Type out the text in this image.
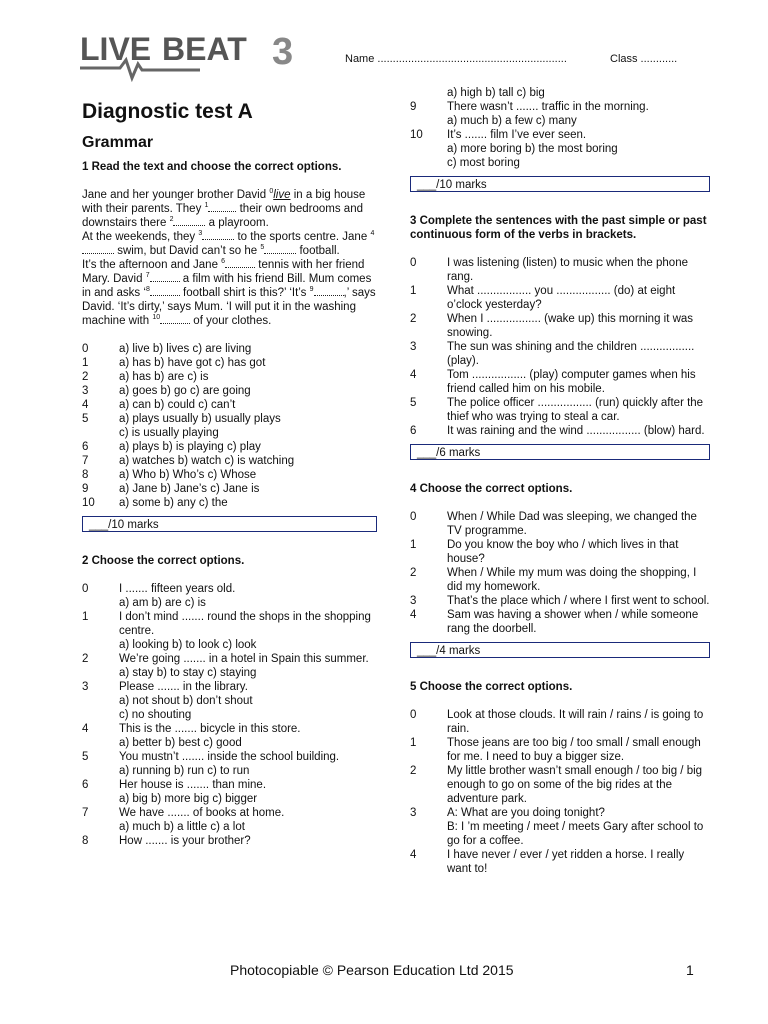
LIVE BEAT 3	Name ..............................................................	Class ............
Diagnostic test A
Grammar

1 Read the text and choose the correct options.

Jane and her younger brother David $^0$live in a big house with their parents. They $^1$ their own bedrooms and downstairs there $^2$	a playroom.
At the weekends, they $^3$	to the sports centre. Jane $^4$ swim, but David can’t so he $^5$	football.
It’s the afternoon and Jane $^6$	tennis with her friend Mary. David $^7$	a film with his friend Bill. Mum comes in and asks ‘$^8$	football shirt is this?’ ‘It’s $^9$	,’ says David. ‘It’s dirty,’ says Mum. ‘I will put it in the washing machine with $^{10}$	of your clothes.

0	a) live b) lives c) are living
1	a) has b) have got c) has got
2	a) has b) are c) is
3	a) goes b) go c) are going
4	a) can b) could c) can’t
5	a) plays usually b) usually plays
c) is usually playing
6	a) plays b) is playing c) play
7	a) watches b) watch c) is watching
8	a) Who b) Who’s c) Whose
9	a) Jane b) Jane’s c) Jane is
10	a) some b) any c) the
___/10 marks

2 Choose the correct options.

0	I ....... fifteen years old.
a) am b) are c) is
1	I don’t mind ....... round the shops in the shopping centre.
a) looking b) to look c) look
2	We’re going ....... in a hotel in Spain this summer.
a) stay b) to stay c) staying
3	Please ....... in the library.
a) not shout b) don’t shout
c) no shouting
4	This is the ....... bicycle in this store.
a) better b) best c) good
5	You mustn’t ....... inside the school building.
a) running b) run c) to run
6	Her house is ....... than mine.
a) big b) more big c) bigger
7	We have ....... of books at home.
a) much b) a little c) a lot
8	How ....... is your brother?
a) high b) tall c) big
9	There wasn’t ....... traffic in the morning.
a) much b) a few c) many
10	It’s ....... film I’ve ever seen.
a) more boring b) the most boring
c) most boring
___/10 marks

3 Complete the sentences with the past simple or past continuous form of the verbs in brackets.

0	I was listening (listen) to music when the phone rang.
1	What ................. you ................. (do) at eight o’clock yesterday?
2	When I ................. (wake up) this morning it was snowing.
3	The sun was shining and the children ................. (play).
4	Tom ................. (play) computer games when his friend called him on his mobile.
5	The police officer ................. (run) quickly after the thief who was trying to steal a car.
6	It was raining and the wind ................. (blow) hard.
___/6 marks

4 Choose the correct options.

0	When / While Dad was sleeping, we changed the TV programme.
1	Do you know the boy who / which lives in that house?
2	When / While my mum was doing the shopping, I did my homework.
3	That’s the place which / where I first went to school.
4	Sam was having a shower when / while someone rang the doorbell.
___/4 marks

5 Choose the correct options.

0	Look at those clouds. It will rain / rains / is going to rain.
1	Those jeans are too big / too small / small enough for me. I need to buy a bigger size.
2	My little brother wasn’t small enough / too big / big enough to go on some of the big rides at the adventure park.
3	A: What are you doing tonight?
B: I ’m meeting / meet / meets Gary after school to go for a coffee.
4	I have never / ever / yet ridden a horse. I really want to!
Photocopiable © Pearson Education Ltd 2015	1
